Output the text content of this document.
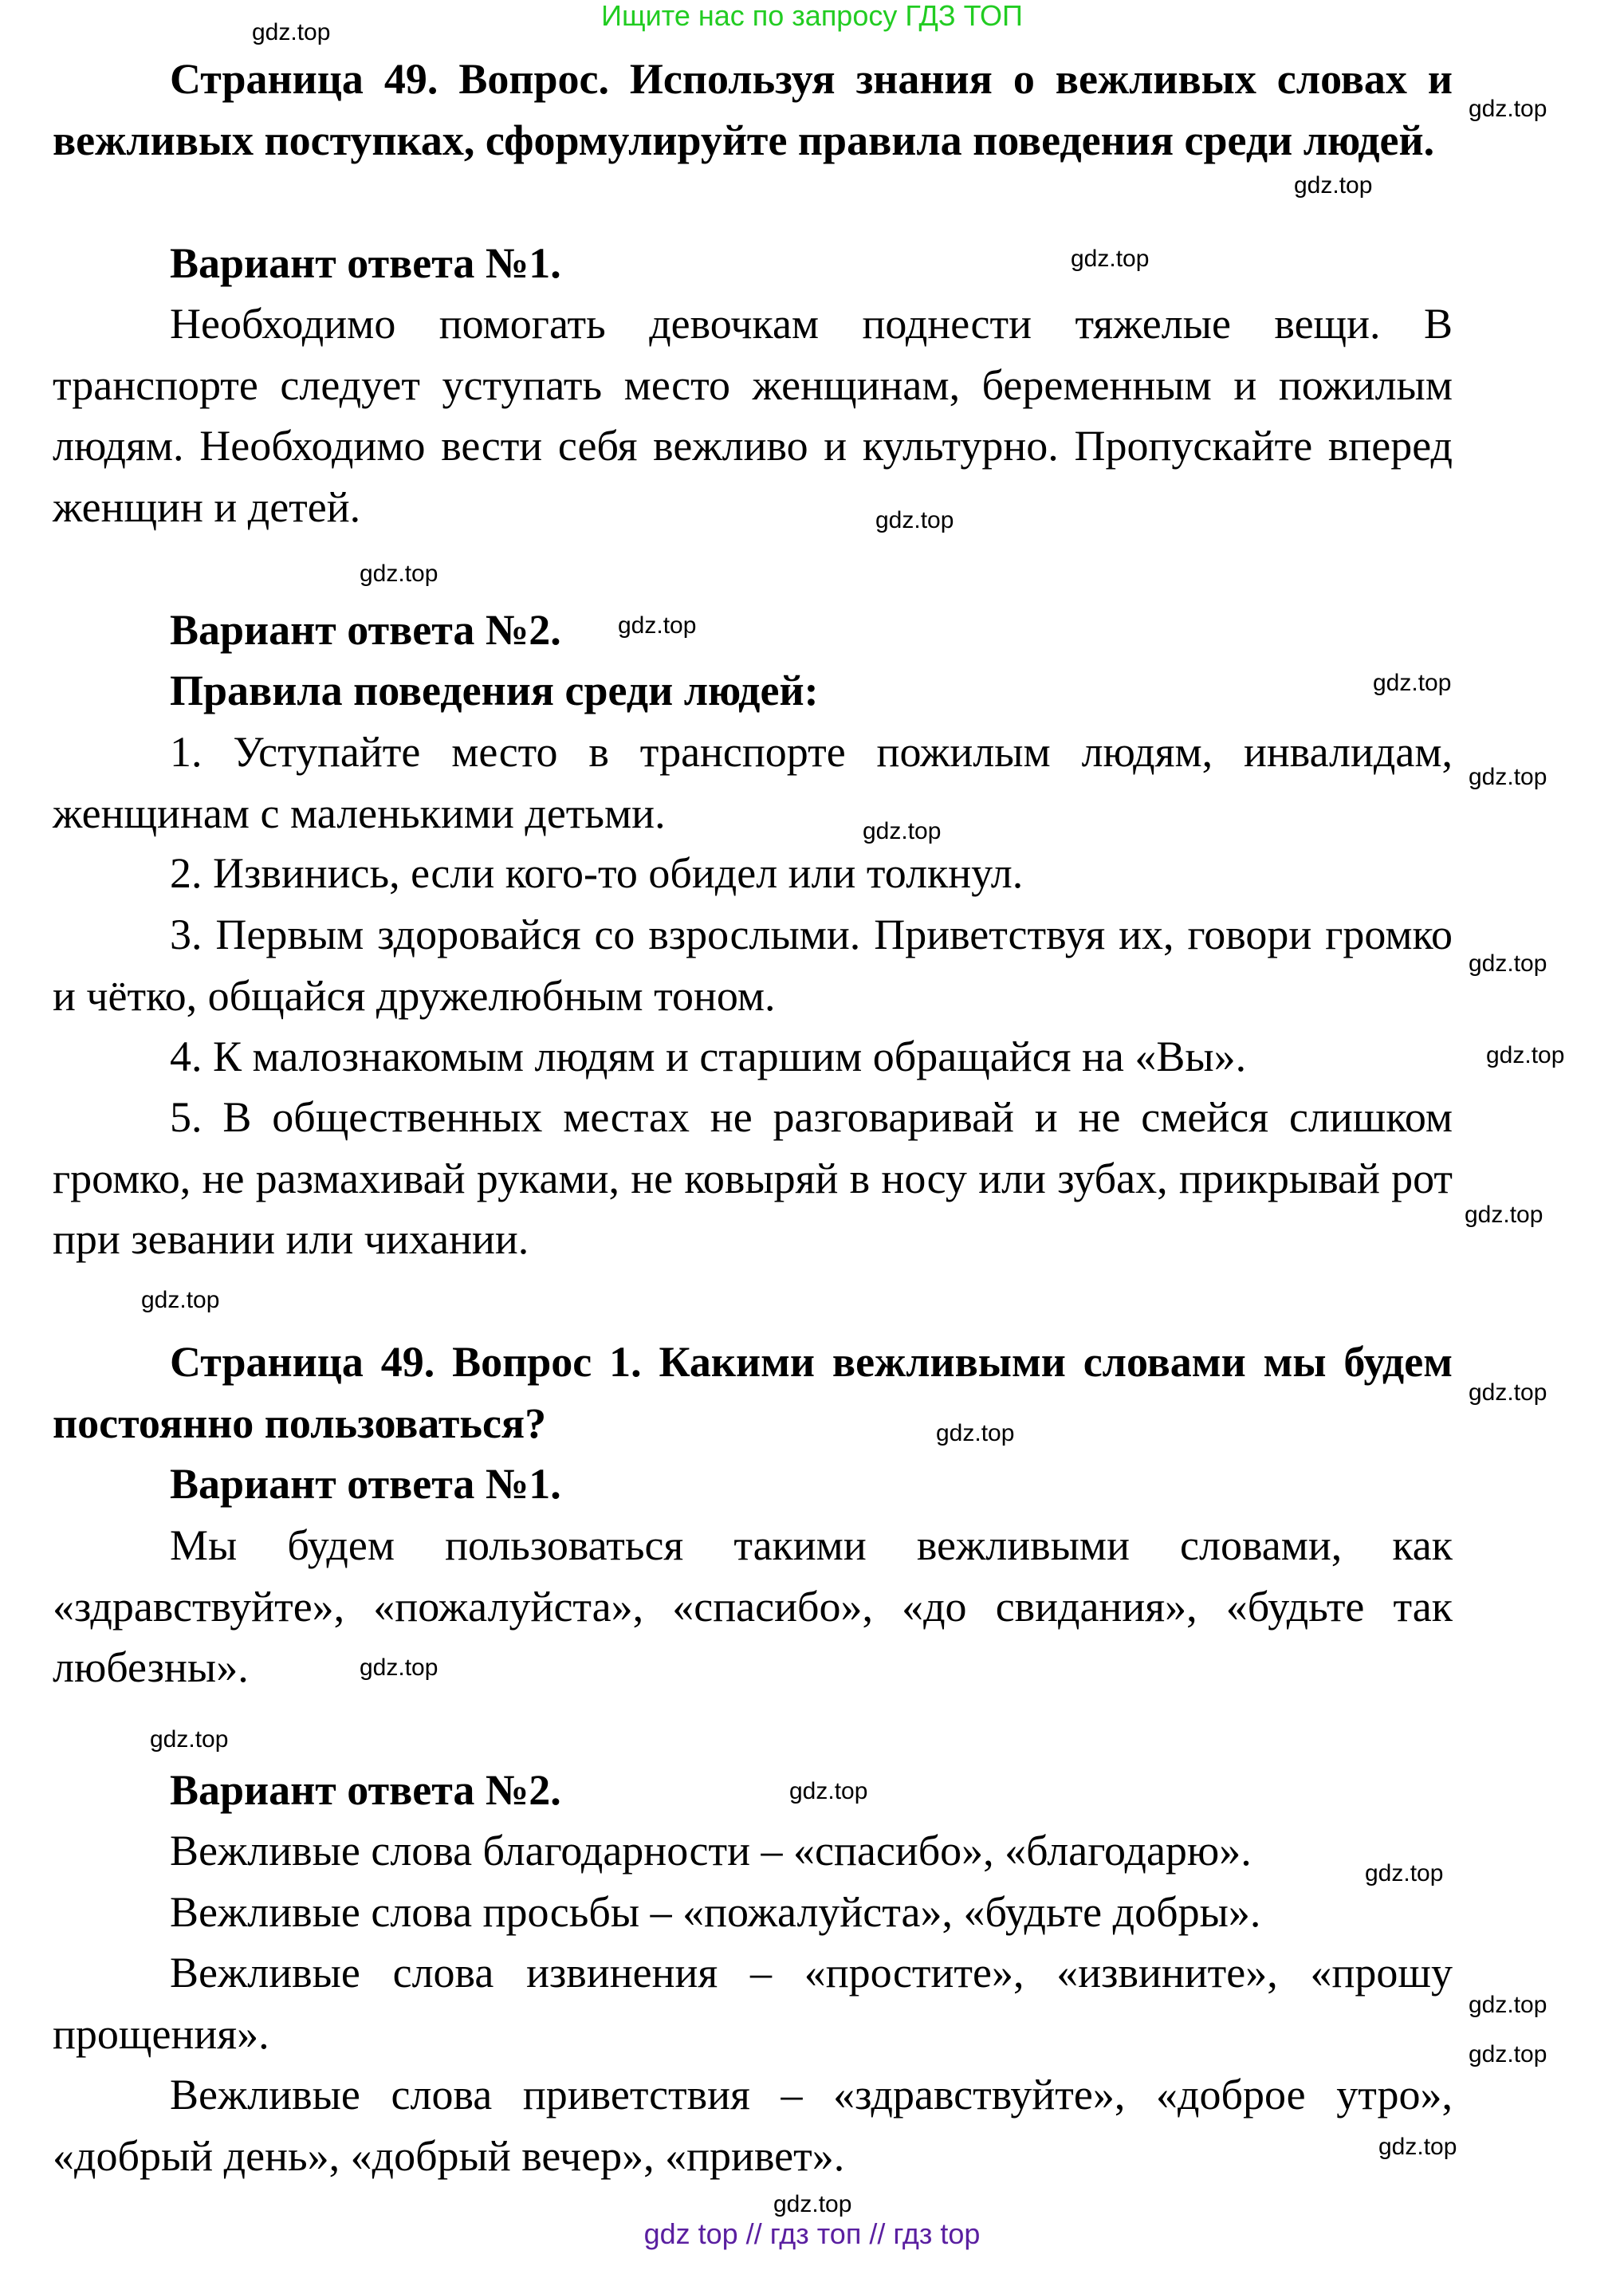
Ищите нас по запросу ГДЗ ТОП

Страница 49. Вопрос. Используя знания о вежливых словах и вежливых поступках, сформулируйте правила поведения среди людей.

Вариант ответа №1.

Необходимо помогать девочкам поднести тяжелые вещи. В транспорте следует уступать место женщинам, беременным и пожилым людям. Необходимо вести себя вежливо и культурно. Пропускайте вперед женщин и детей.

Вариант ответа №2.

Правила поведения среди людей:

1. Уступайте место в транспорте пожилым людям, инвалидам, женщинам с маленькими детьми.

2. Извинись, если кого-то обидел или толкнул.

3. Первым здоровайся со взрослыми. Приветствуя их, говори громко и чётко, общайся дружелюбным тоном.

4. К малознакомым людям и старшим обращайся на «Вы».

5. В общественных местах не разговаривай и не смейся слишком громко, не размахивай руками, не ковыряй в носу или зубах, прикрывай рот при зевании или чихании.

Страница 49. Вопрос 1. Какими вежливыми словами мы будем постоянно пользоваться?

Вариант ответа №1.

Мы будем пользоваться такими вежливыми словами, как «здравствуйте», «пожалуйста», «спасибо», «до свидания», «будьте так любезны».

Вариант ответа №2.

Вежливые слова благодарности – «спасибо», «благодарю».

Вежливые слова просьбы – «пожалуйста», «будьте добры».

Вежливые слова извинения – «простите», «извините», «прошу прощения».

Вежливые слова приветствия – «здравствуйте», «доброе утро», «добрый день», «добрый вечер», «привет».

gdz.top
gdz.top
gdz.top
gdz.top
gdz.top
gdz.top
gdz.top
gdz.top
gdz.top
gdz.top
gdz.top
gdz.top
gdz.top
gdz.top
gdz.top
gdz.top
gdz.top
gdz.top
gdz.top
gdz.top
gdz.top
gdz.top
gdz.top
gdz.top
gdz top // гдз топ // гдз top
